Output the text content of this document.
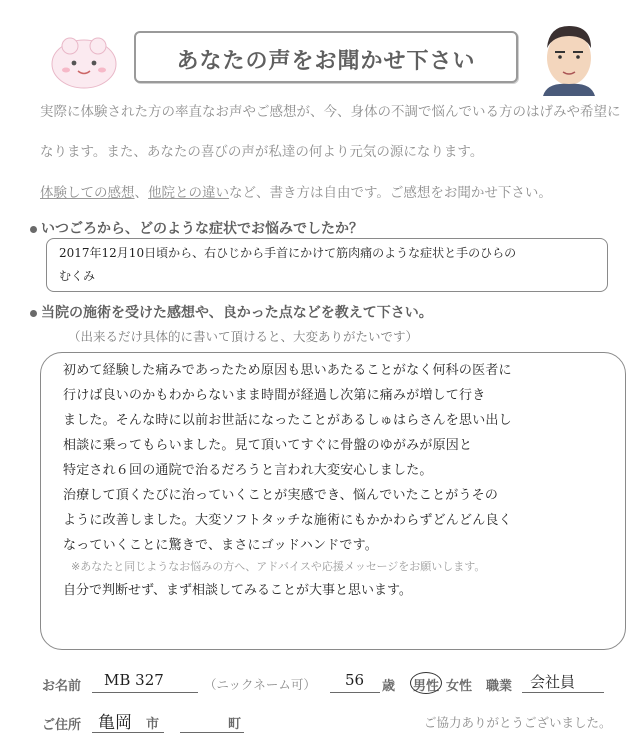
あなたの声をお聞かせ下さい
実際に体験された方の率直なお声やご感想が、今、身体の不調で悩んでいる方のはげみや希望に
なります。また、あなたの喜びの声が私達の何より元気の源になります。
体験しての感想、他院との違いなど、書き方は自由です。ご感想をお聞かせ下さい。
いつごろから、どのような症状でお悩みでしたか？
2017年12月10日頃から、右ひじから手首にかけて筋肉痛のような症状と手のひらの
むくみ
当院の施術を受けた感想や、良かった点などを教えて下さい。
初めて経験した痛みであったため原因も思いあたることがなく何科の医者に
行けば良いのかもわからないまま時間が経過し次第に痛みが増して行き
ました。そんな時に以前お世話になったことがあるしゅはらさんを思い出し
相談に乗ってもらいました。見て頂いてすぐに骨盤のゆがみが原因と
特定され６回の通院で治るだろうと言われ大変安心しました。
治療して頂くたびに治っていくことが実感でき、悩んでいたことがうその
ように改善しました。大変ソフトタッチな施術にもかかわらずどんどん良く
なっていくことに驚きで、まさにゴッドハンドです。
※あなたと同じようなお悩みの方へ、アドバイスや応援メッセージをお願いします。
自分で判断せず、まず相談してみることが大事と思います。
（出来るだけ具体的に書いて頂けると、大変ありがたいです）
お名前 MB 327	（ニックネーム可） 56 歳 男性 女性 職業 会社員
ご住所 亀岡 市	町	ご協力ありがとうございました。
